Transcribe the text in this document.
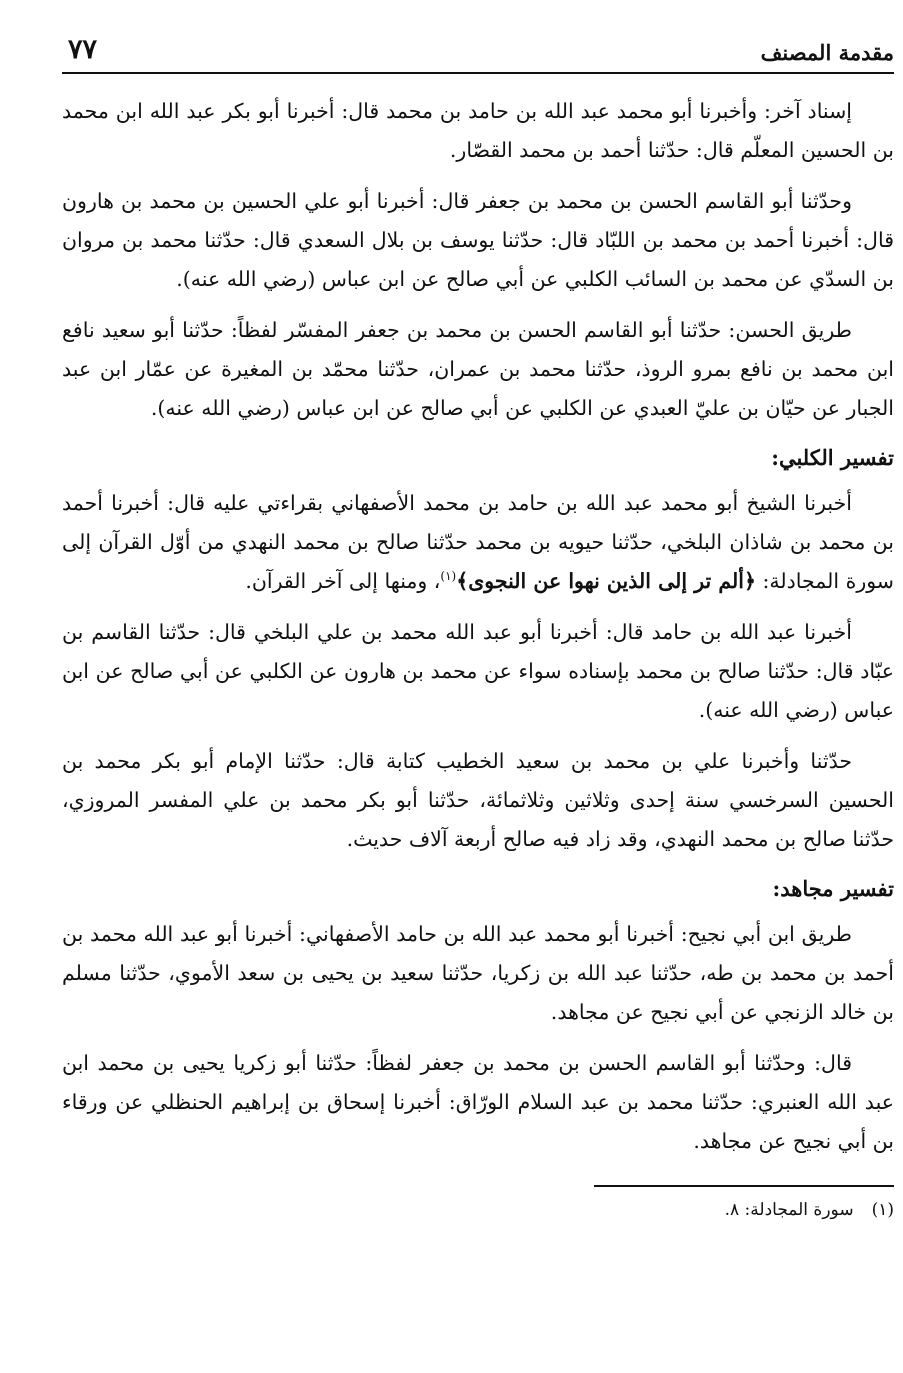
مقدمة المصنف
٧٧

إسناد آخر: وأخبرنا أبو محمد عبد الله بن حامد بن محمد قال: أخبرنا أبو بكر عبد الله ابن محمد بن الحسين المعلّم قال: حدّثنا أحمد بن محمد القصّار.

وحدّثنا أبو القاسم الحسن بن محمد بن جعفر قال: أخبرنا أبو علي الحسين بن محمد بن هارون قال: أخبرنا أحمد بن محمد بن اللبّاد قال: حدّثنا يوسف بن بلال السعدي قال: حدّثنا محمد بن مروان بن السدّي عن محمد بن السائب الكلبي عن أبي صالح عن ابن عباس (رضي الله عنه).

طريق الحسن: حدّثنا أبو القاسم الحسن بن محمد بن جعفر المفسّر لفظاً: حدّثنا أبو سعيد نافع ابن محمد بن نافع بمرو الروذ، حدّثنا محمد بن عمران، حدّثنا محمّد بن المغيرة عن عمّار ابن عبد الجبار عن حيّان بن عليّ العبدي عن الكلبي عن أبي صالح عن ابن عباس (رضي الله عنه).

تفسير الكلبي:

أخبرنا الشيخ أبو محمد عبد الله بن حامد بن محمد الأصفهاني بقراءتي عليه قال: أخبرنا أحمد بن محمد بن شاذان البلخي، حدّثنا حيويه بن محمد حدّثنا صالح بن محمد النهدي من أوّل القرآن إلى سورة المجادلة: ﴿ألم تر إلى الذين نهوا عن النجوى﴾$^{(١)}$، ومنها إلى آخر القرآن.

أخبرنا عبد الله بن حامد قال: أخبرنا أبو عبد الله محمد بن علي البلخي قال: حدّثنا القاسم بن عبّاد قال: حدّثنا صالح بن محمد بإسناده سواء عن محمد بن هارون عن الكلبي عن أبي صالح عن ابن عباس (رضي الله عنه).

حدّثنا وأخبرنا علي بن محمد بن سعيد الخطيب كتابة قال: حدّثنا الإمام أبو بكر محمد بن الحسين السرخسي سنة إحدى وثلاثين وثلاثمائة، حدّثنا أبو بكر محمد بن علي المفسر المروزي، حدّثنا صالح بن محمد النهدي، وقد زاد فيه صالح أربعة آلاف حديث.

تفسير مجاهد:

طريق ابن أبي نجيح: أخبرنا أبو محمد عبد الله بن حامد الأصفهاني: أخبرنا أبو عبد الله محمد بن أحمد بن محمد بن طه، حدّثنا عبد الله بن زكريا، حدّثنا سعيد بن يحيى بن سعد الأموي، حدّثنا مسلم بن خالد الزنجي عن أبي نجيح عن مجاهد.

قال: وحدّثنا أبو القاسم الحسن بن محمد بن جعفر لفظاً: حدّثنا أبو زكريا يحيى بن محمد ابن عبد الله العنبري: حدّثنا محمد بن عبد السلام الورّاق: أخبرنا إسحاق بن إبراهيم الحنظلي عن ورقاء بن أبي نجيح عن مجاهد.

(١)سورة المجادلة: ٨.
